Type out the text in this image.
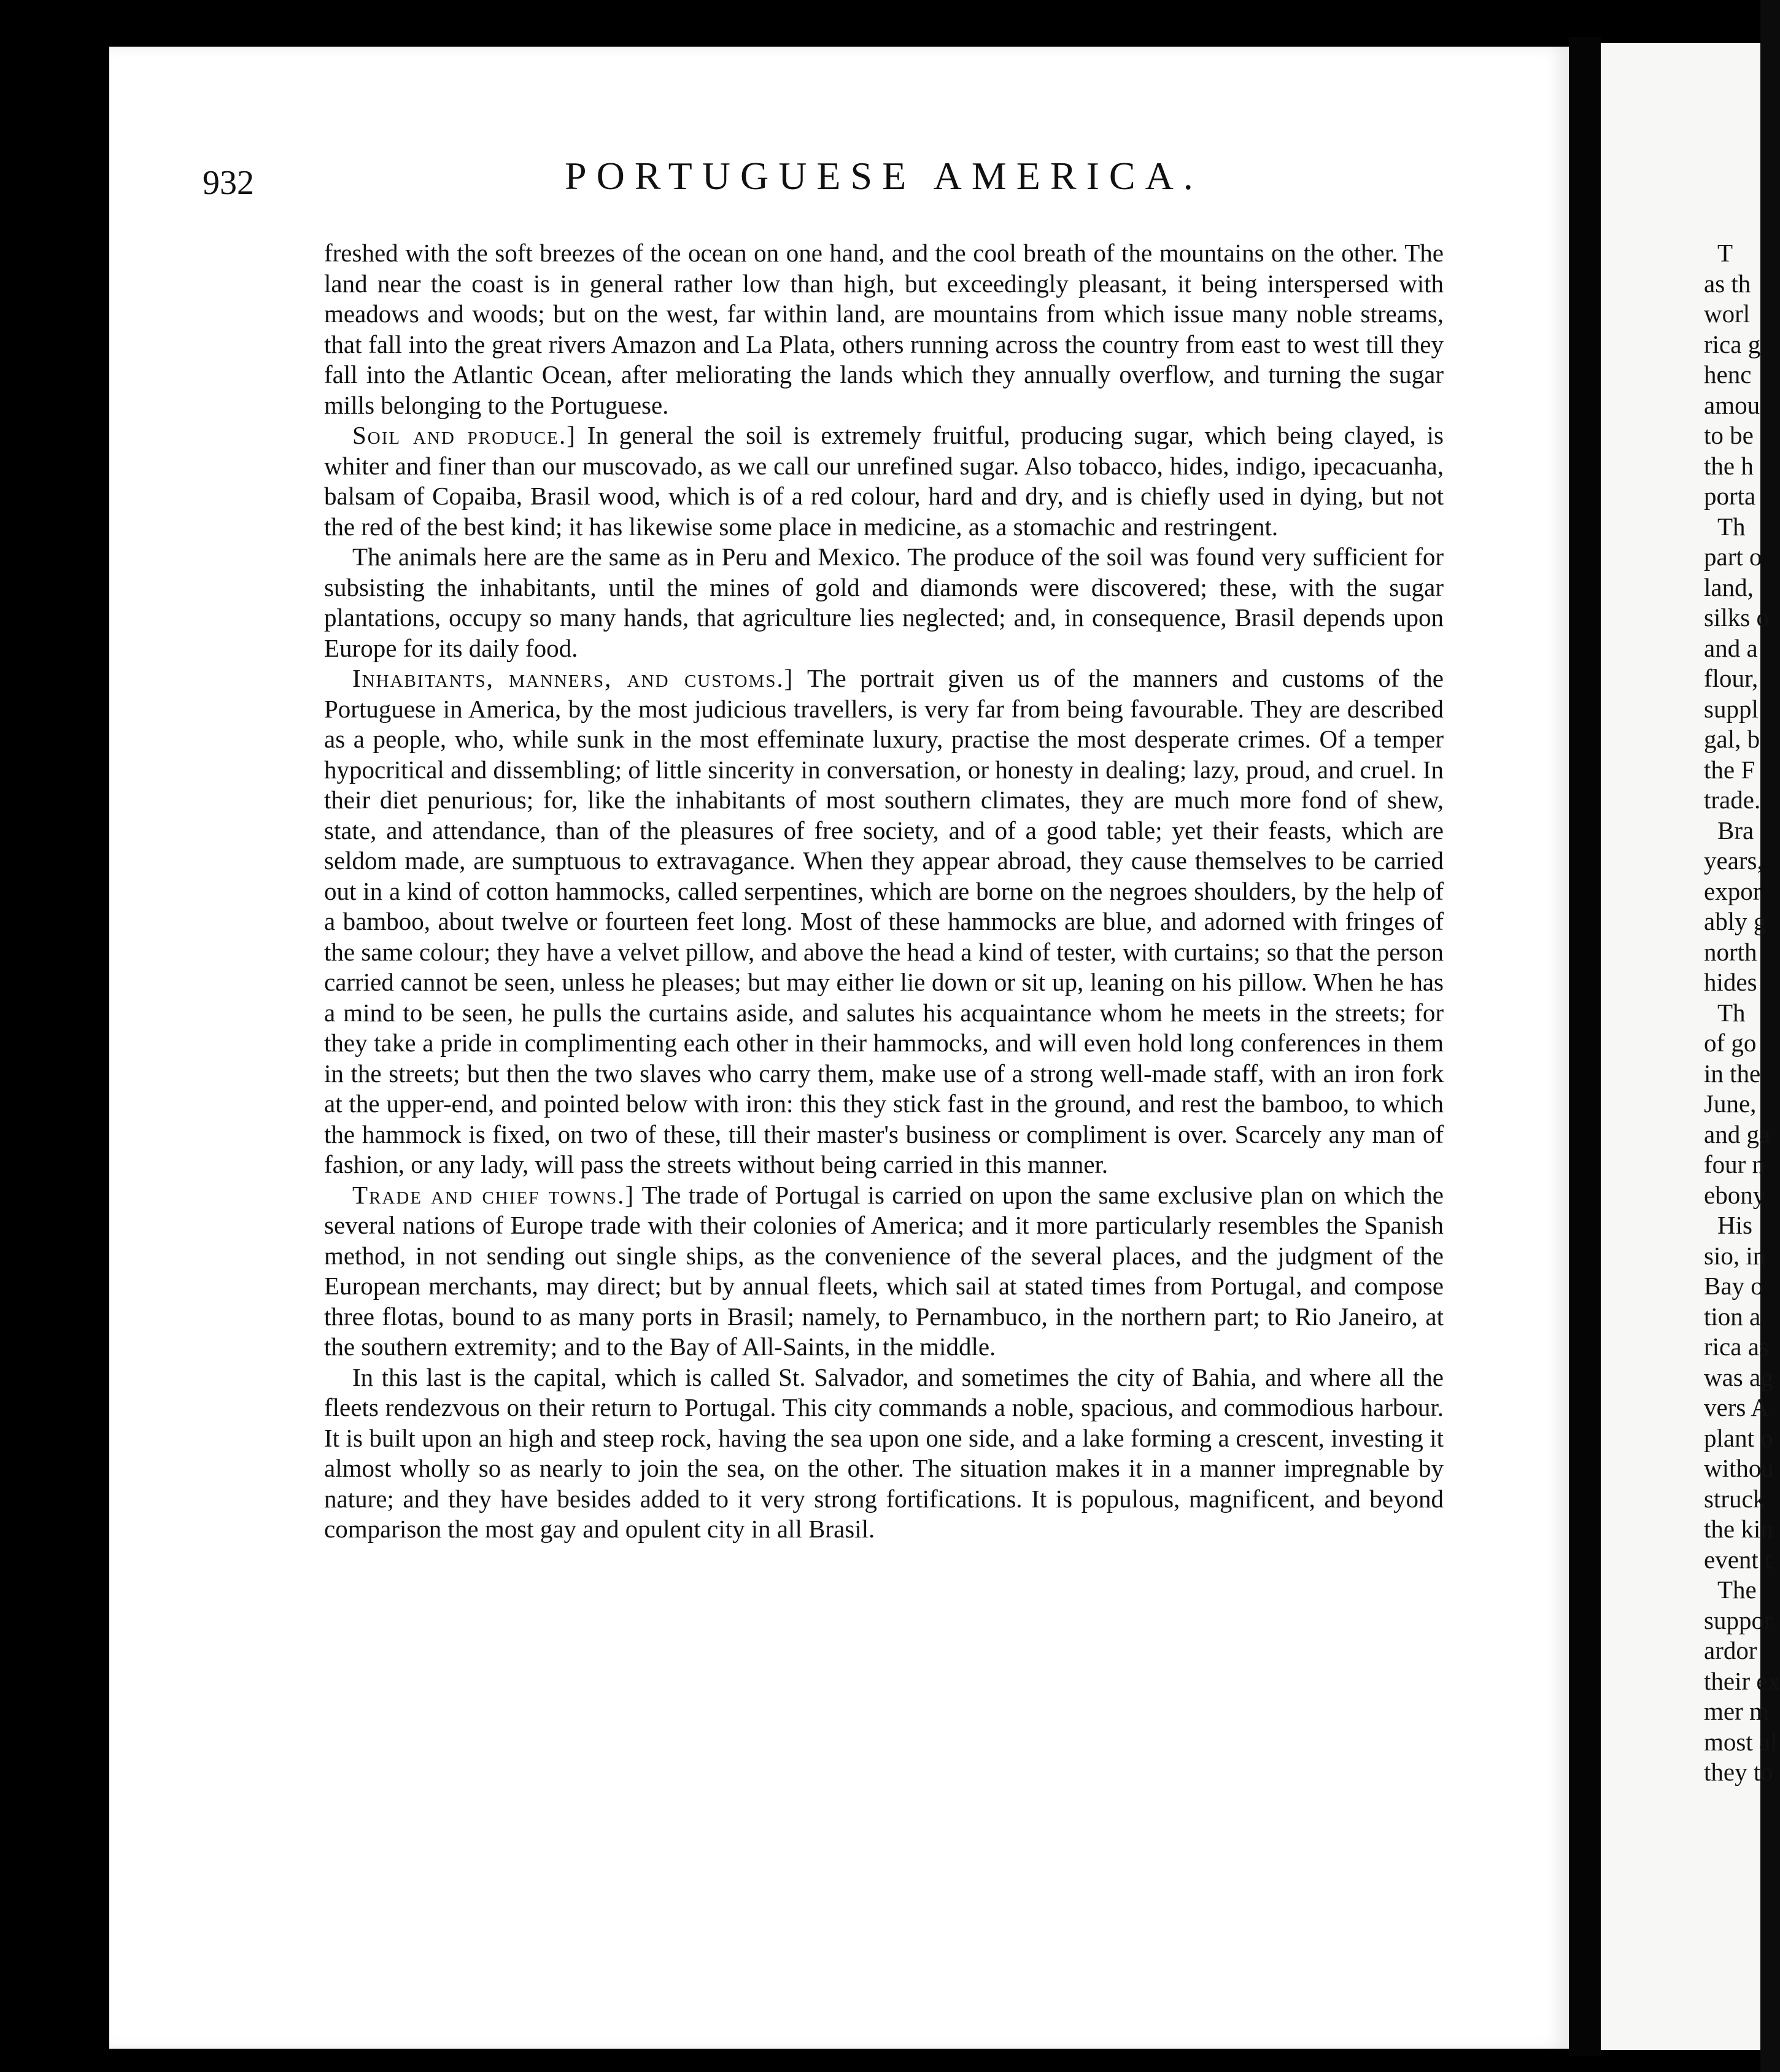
932	PORTUGUESE AMERICA.

freshed with the soft breezes of the ocean on one hand, and the cool breath of the mountains on the other. The land near the coast is in general rather low than high, but exceedingly pleasant, it being interspersed with meadows and woods; but on the west, far within land, are mountains from which issue many noble streams, that fall into the great rivers Amazon and La Plata, others running across the country from east to west till they fall into the Atlantic Ocean, after meliorating the lands which they annually overflow, and turning the sugar mills belonging to the Portuguese.

Soil and produce.] In general the soil is extremely fruitful, producing sugar, which being clayed, is whiter and finer than our muscovado, as we call our unrefined sugar. Also tobacco, hides, indigo, ipecacuanha, balsam of Copaiba, Brasil wood, which is of a red colour, hard and dry, and is chiefly used in dying, but not the red of the best kind; it has likewise some place in medicine, as a stomachic and restringent.

The animals here are the same as in Peru and Mexico. The produce of the soil was found very sufficient for subsisting the inhabitants, until the mines of gold and diamonds were discovered; these, with the sugar plantations, occupy so many hands, that agriculture lies neglected; and, in consequence, Brasil depends upon Europe for its daily food.

Inhabitants, manners, and customs.] The portrait given us of the manners and customs of the Portuguese in America, by the most judicious travellers, is very far from being favourable. They are described as a people, who, while sunk in the most effeminate luxury, practise the most desperate crimes. Of a temper hypocritical and dissembling; of little sincerity in conversation, or honesty in dealing; lazy, proud, and cruel. In their diet penurious; for, like the inhabitants of most southern climates, they are much more fond of shew, state, and attendance, than of the pleasures of free society, and of a good table; yet their feasts, which are seldom made, are sumptuous to extravagance. When they appear abroad, they cause themselves to be carried out in a kind of cotton hammocks, called serpentines, which are borne on the negroes shoulders, by the help of a bamboo, about twelve or fourteen feet long. Most of these hammocks are blue, and adorned with fringes of the same colour; they have a velvet pillow, and above the head a kind of tester, with curtains; so that the person carried cannot be seen, unless he pleases; but may either lie down or sit up, leaning on his pillow. When he has a mind to be seen, he pulls the curtains aside, and salutes his acquaintance whom he meets in the streets; for they take a pride in complimenting each other in their hammocks, and will even hold long conferences in them in the streets; but then the two slaves who carry them, make use of a strong well-made staff, with an iron fork at the upper-end, and pointed below with iron: this they stick fast in the ground, and rest the bamboo, to which the hammock is fixed, on two of these, till their master's business or compliment is over. Scarcely any man of fashion, or any lady, will pass the streets without being carried in this manner.

Trade and chief towns.] The trade of Portugal is carried on upon the same exclusive plan on which the several nations of Europe trade with their colonies of America; and it more particularly resembles the Spanish method, in not sending out single ships, as the convenience of the several places, and the judgment of the European merchants, may direct; but by annual fleets, which sail at stated times from Portugal, and compose three flotas, bound to as many ports in Brasil; namely, to Pernambuco, in the northern part; to Rio Janeiro, at the southern extremity; and to the Bay of All-Saints, in the middle.

In this last is the capital, which is called St. Salvador, and sometimes the city of Bahia, and where all the fleets rendezvous on their return to Portugal. This city commands a noble, spacious, and commodious harbour. It is built upon an high and steep rock, having the sea upon one side, and a lake forming a crescent, investing it almost wholly so as nearly to join the sea, on the other. The situation makes it in a manner impregnable by nature; and they have besides added to it very strong fortifications. It is populous, magnificent, and beyond comparison the most gay and opulent city in all Brasil.

T
as th
worl
rica g
henc
amou
to be
the h
porta
Th
part o
land,
silks o
and a
flour,
suppl
gal, b
the F
trade.
Bra
years,
expor
ably g
north
hides
Th
of go
in the
June,
and ga
four n
ebony
His
sio, in
Bay o
tion a
rica as
was ag
vers A
plant o
withou
struck
the kin
event t
The
suppor
ardor
their ex
mer m
most al
they to
